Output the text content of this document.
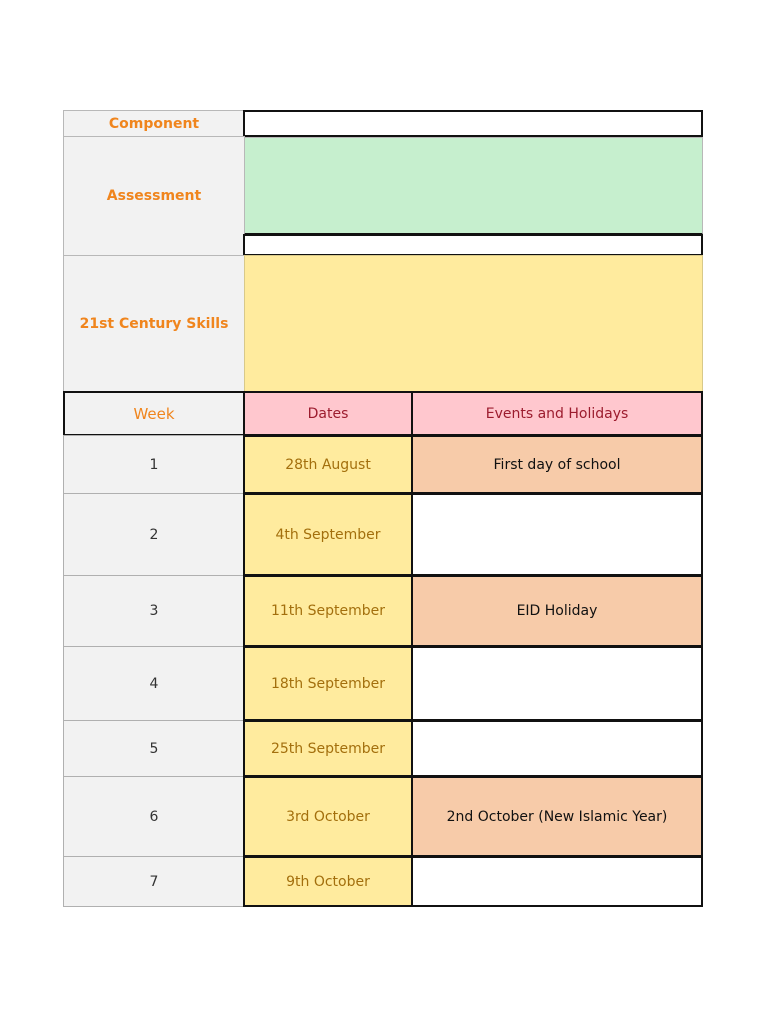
Component
Assessment
21st Century Skills
Week	Dates	Events and Holidays
1	28th August	First day of school
2	4th September
3	11th September	EID Holiday
4	18th September
5	25th September
6	3rd October	2nd October (New Islamic Year)
7	9th October
